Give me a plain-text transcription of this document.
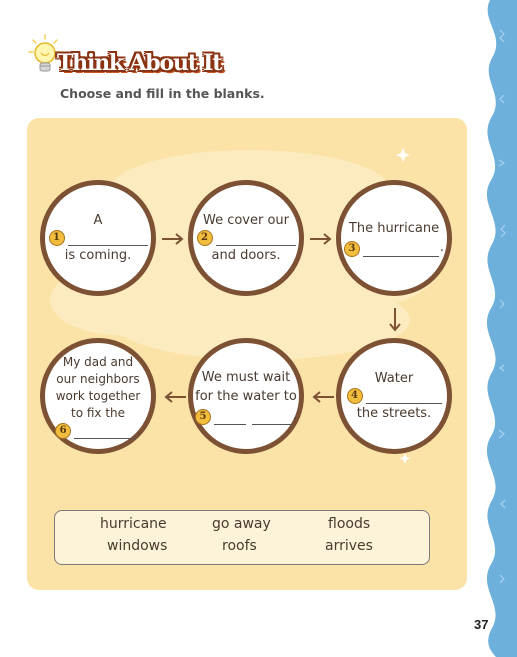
Think About It
Choose and fill in the blanks.
A
1
is coming.
We cover our
2
and doors.
The hurricane
3	.
Water
4
the streets.
We must wait
for the water to
5	.
My dad and
our neighbors
work together
to fix the
6	.
hurricane	go away	floods
windows	roofs	arrives
37
